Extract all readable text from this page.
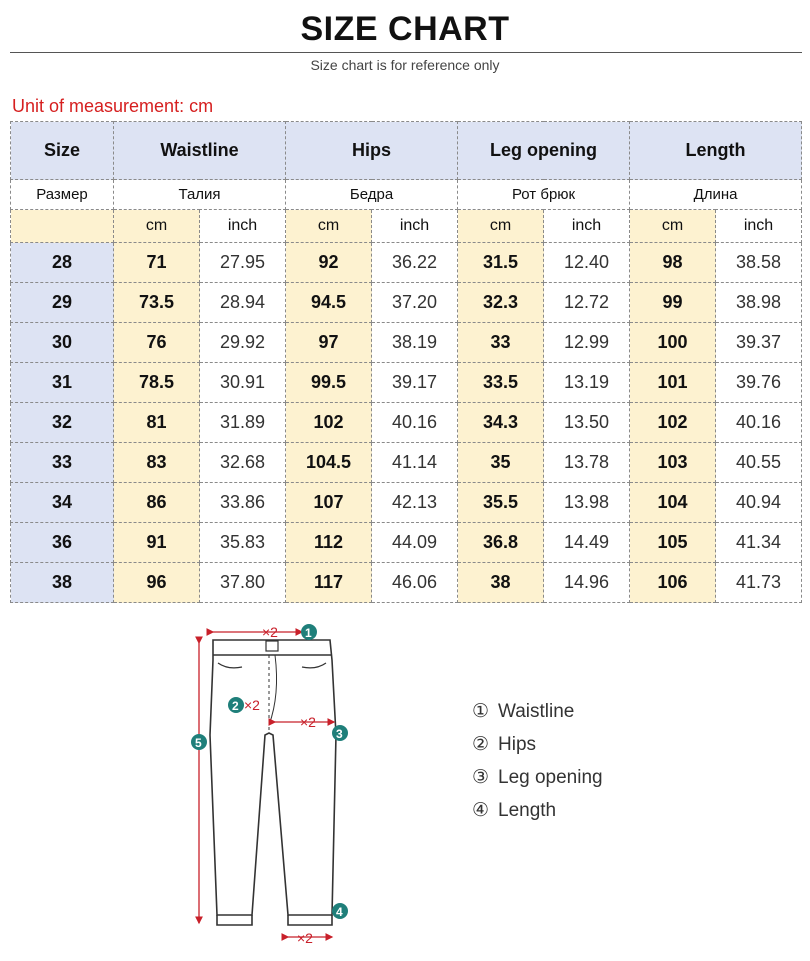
SIZE CHART
Size chart is for reference only
Unit of measurement: cm
Size	Waistline		Hips		Leg opening		Length	
Размер	Талия		Бедра		Рот брюк		Длина	
	cm	inch	cm	inch	cm	inch	cm	inch
28	71	27.95	92	36.22	31.5	12.40	98	38.58
29	73.5	28.94	94.5	37.20	32.3	12.72	99	38.98
30	76	29.92	97	38.19	33	12.99	100	39.37
31	78.5	30.91	99.5	39.17	33.5	13.19	101	39.76
32	81	31.89	102	40.16	34.3	13.50	102	40.16
33	83	32.68	104.5	41.14	35	13.78	103	40.55
34	86	33.86	107	42.13	35.5	13.98	104	40.94
36	91	35.83	112	44.09	36.8	14.49	105	41.34
38	96	37.80	117	46.06	38	14.96	106	41.73
×2 1
2 ×2
×2
3
5
×2
4
① Waistline
② Hips
③ Leg opening
④ Length
